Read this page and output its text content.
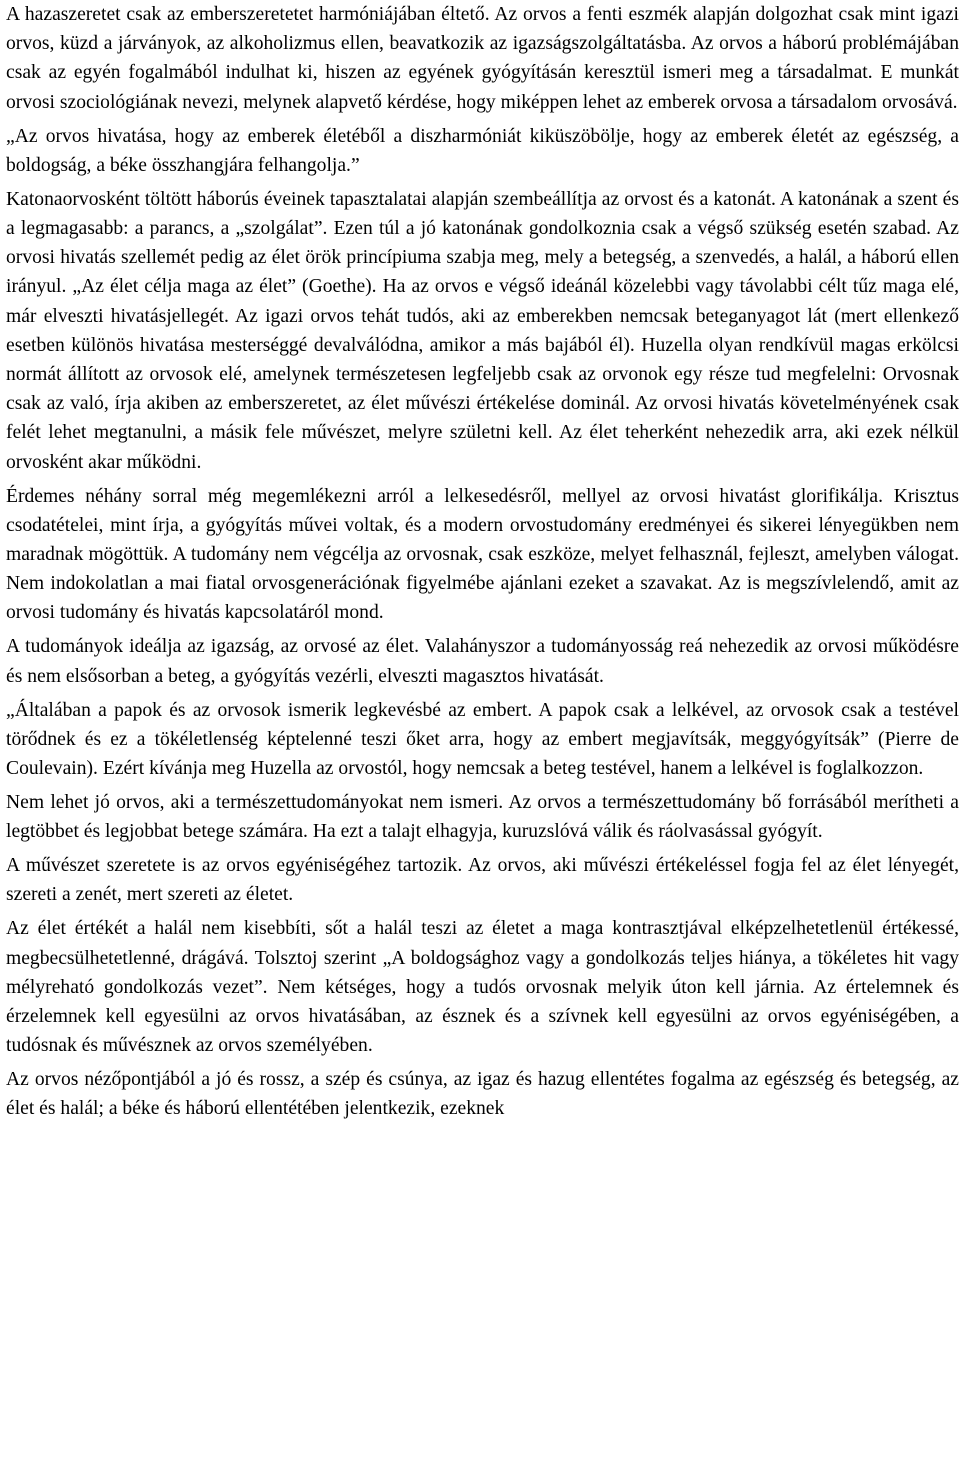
A hazaszeretet csak az emberszeretetet harmóniájában éltető. Az orvos a fenti eszmék alapján dolgozhat csak mint igazi orvos, küzd a járványok, az alkoholizmus ellen, beavatkozik az igazságszolgáltatásba. Az orvos a háború problémájában csak az egyén fogalmából indulhat ki, hiszen az egyének gyógyításán keresztül ismeri meg a társadalmat. E munkát orvosi szociológiának nevezi, melynek alapvető kérdése, hogy miképpen lehet az emberek orvosa a társadalom orvosává.

„Az orvos hivatása, hogy az emberek életéből a diszharmóniát kiküszöbölje, hogy az emberek életét az egészség, a boldogság, a béke összhangjára felhangolja.”

Katonaorvosként töltött háborús éveinek tapasztalatai alapján szembeállítja az orvost és a katonát. A katonának a szent és a legmagasabb: a parancs, a „szolgálat”. Ezen túl a jó katonának gondolkoznia csak a végső szükség esetén szabad. Az orvosi hivatás szellemét pedig az élet örök princípiuma szabja meg, mely a betegség, a szenvedés, a halál, a háború ellen irányul. „Az élet célja maga az élet” (Goethe). Ha az orvos e végső ideánál közelebbi vagy távolabbi célt tűz maga elé, már elveszti hivatásjellegét. Az igazi orvos tehát tudós, aki az emberekben nemcsak beteganyagot lát (mert ellenkező esetben különös hivatása mesterséggé devalválódna, amikor a más bajából él). Huzella olyan rendkívül magas erkölcsi normát állított az orvosok elé, amelynek természetesen legfeljebb csak az orvonok egy része tud megfelelni: Orvosnak csak az való, írja akiben az emberszeretet, az élet művészi értékelése dominál. Az orvosi hivatás követelményének csak felét lehet megtanulni, a másik fele művészet, melyre születni kell. Az élet teherként nehezedik arra, aki ezek nélkül orvosként akar működni.

Érdemes néhány sorral még megemlékezni arról a lelkesedésről, mellyel az orvosi hivatást glorifikálja. Krisztus csodatételei, mint írja, a gyógyítás művei voltak, és a modern orvostudomány eredményei és sikerei lényegükben nem maradnak mögöttük. A tudomány nem végcélja az orvosnak, csak eszköze, melyet felhasznál, fejleszt, amelyben válogat. Nem indokolatlan a mai fiatal orvosgenerációnak figyelmébe ajánlani ezeket a szavakat. Az is megszívlelendő, amit az orvosi tudomány és hivatás kapcsolatáról mond.

A tudományok ideálja az igazság, az orvosé az élet. Valahányszor a tudományosság reá nehezedik az orvosi működésre és nem elsősorban a beteg, a gyógyítás vezérli, elveszti magasztos hivatását.

„Általában a papok és az orvosok ismerik legkevésbé az embert. A papok csak a lelkével, az orvosok csak a testével törődnek és ez a tökéletlenség képtelenné teszi őket arra, hogy az embert megjavítsák, meggyógyítsák” (Pierre de Coulevain). Ezért kívánja meg Huzella az orvostól, hogy nemcsak a beteg testével, hanem a lelkével is foglalkozzon.

Nem lehet jó orvos, aki a természettudományokat nem ismeri. Az orvos a természettudomány bő forrásából merítheti a legtöbbet és legjobbat betege számára. Ha ezt a talajt elhagyja, kuruzslóvá válik és ráolvasással gyógyít.

A művészet szeretete is az orvos egyéniségéhez tartozik. Az orvos, aki művészi értékeléssel fogja fel az élet lényegét, szereti a zenét, mert szereti az életet.

Az élet értékét a halál nem kisebbíti, sőt a halál teszi az életet a maga kontrasztjával elképzelhetetlenül értékessé, megbecsülhetetlenné, drágává. Tolsztoj szerint „A boldogsághoz vagy a gondolkozás teljes hiánya, a tökéletes hit vagy mélyreható gondolkozás vezet”. Nem kétséges, hogy a tudós orvosnak melyik úton kell járnia. Az értelemnek és érzelemnek kell egyesülni az orvos hivatásában, az észnek és a szívnek kell egyesülni az orvos egyéniségében, a tudósnak és művésznek az orvos személyében.

Az orvos nézőpontjából a jó és rossz, a szép és csúnya, az igaz és hazug ellentétes fogalma az egészség és betegség, az élet és halál; a béke és háború ellentétében jelentkezik, ezeknek
